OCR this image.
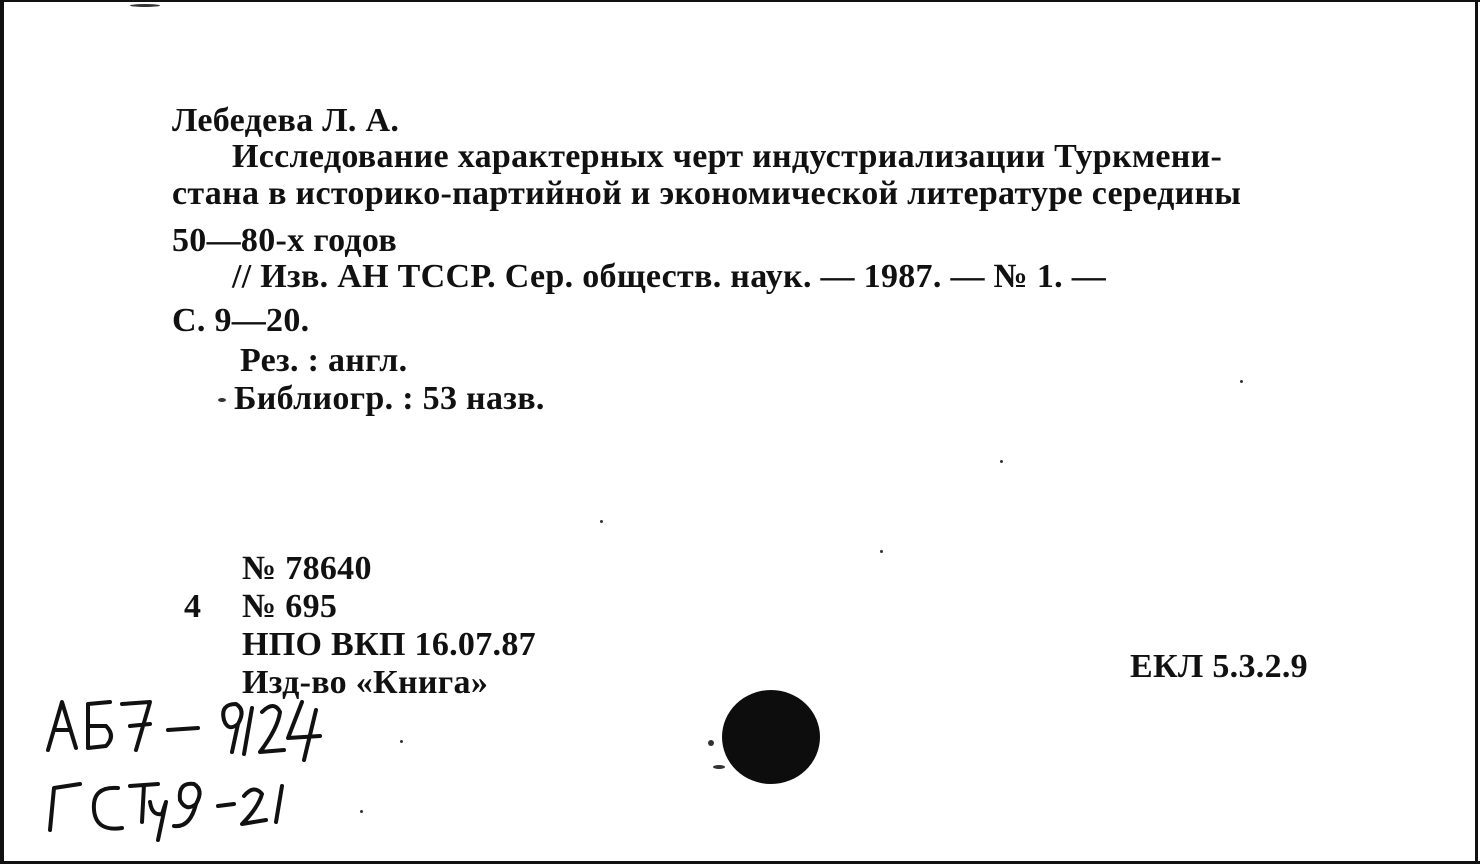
Лебедева Л. А.
Исследование характерных черт индустриализации Туркмени-
стана в историко-партийной и экономической литературе середины
50—80-х годов
// Изв. АН ТССР. Сер. обществ. наук. — 1987. — № 1. —
С. 9—20.
Рез. : англ.
Библиогр. : 53 назв.
№ 78640
4 № 695
НПО ВКП 16.07.87
Изд-во «Книга»	ЕКЛ 5.3.2.9
